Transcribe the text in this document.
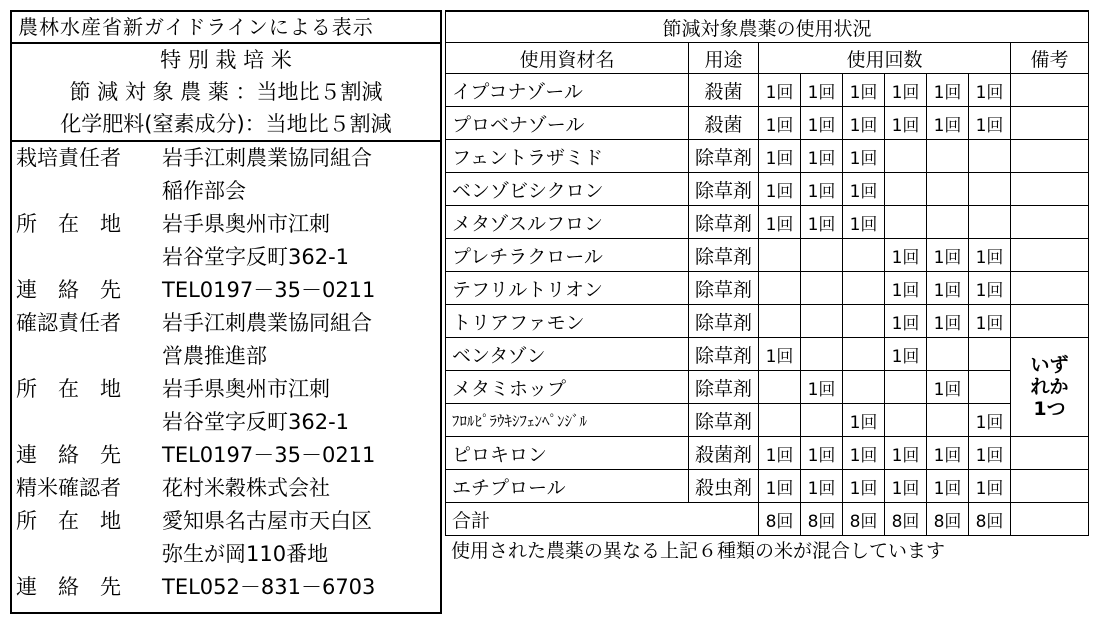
農林水産省新ガイドラインによる表示
特 別 栽 培 米
節 減 対 象 農 薬 ：当地比５割減
化学肥料(窒素成分)：当地比５割減
栽培責任者	岩手江刺農業協同組合
稲作部会
所　在　地	岩手県奥州市江刺
岩谷堂字反町362-1
連　絡　先	TEL0197－35－0211
確認責任者	岩手江刺農業協同組合
営農推進部
所　在　地	岩手県奥州市江刺
岩谷堂字反町362-1
連　絡　先	TEL0197－35－0211
精米確認者	花村米穀株式会社
所　在　地	愛知県名古屋市天白区
弥生が岡110番地
連　絡　先	TEL052－831－6703
節減対象農薬の使用状況								
使用資材名	用途	使用回数						備考
イプコナゾール	殺菌	1回	1回	1回	1回	1回	1回	
プロベナゾール	殺菌	1回	1回	1回	1回	1回	1回	
フェントラザミド	除草剤	1回	1回	1回				
ベンゾビシクロン	除草剤	1回	1回	1回				
メタゾスルフロン	除草剤	1回	1回	1回				
プレチラクロール	除草剤				1回	1回	1回	
テフリルトリオン	除草剤				1回	1回	1回	
トリアファモン	除草剤				1回	1回	1回	
ベンタゾン	除草剤	1回			1回			いずれか1つ
メタミホップ	除草剤		1回			1回		
ﾌﾛﾙﾋﾟﾗｳｷｼﾌｪﾝﾍﾟﾝｼﾞﾙ	除草剤			1回			1回	
ピロキロン	殺菌剤	1回	1回	1回	1回	1回	1回	
エチプロール	殺虫剤	1回	1回	1回	1回	1回	1回	
合計		8回	8回	8回	8回	8回	8回	
使用された農薬の異なる上記６種類の米が混合しています
